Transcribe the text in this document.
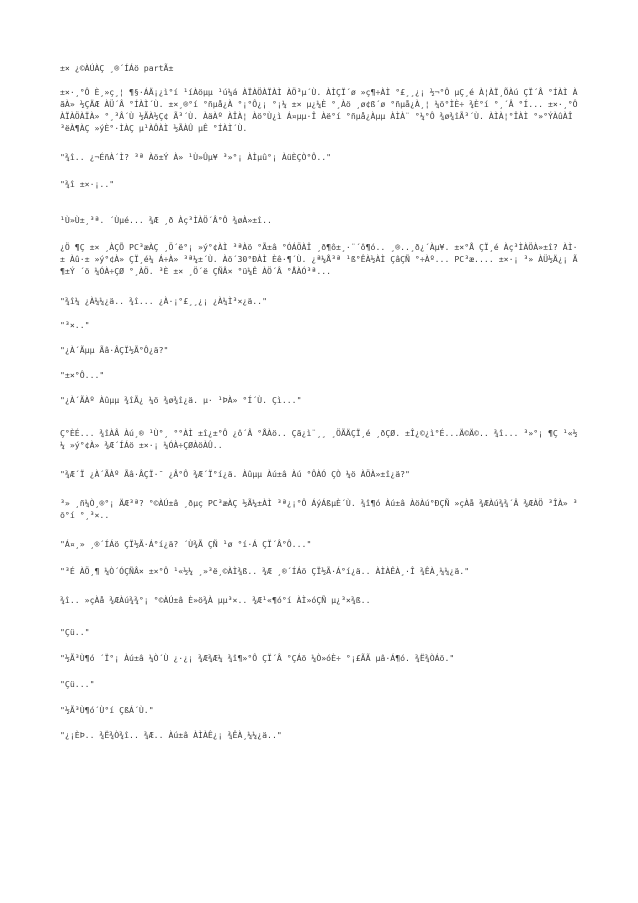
±× ¿©ÀÚÀÇ ¸®´ÍÁö partÃ±

±×·¸°Ô È¸»ç¸¦ ¶§·ÁÄ¡¿ì°í ¹íÀöµµ ¹ú¼á ÀÏÀÖÀÏÀÌ ÀÖ³µ´Ù. ÀÌÇÏ´ø »ç¶÷ÀÌ °£¸¸¿¡ ½¬°Ô µÇ¸é À¦ÀÏ¸ÕÀú ÇÏ´Â °ÍÀÌ ÀãÀ» ½ÇÄÆ ÀÜ´Â °ÍÀÌ´Ù. ±×¸®°í °ñµå¿À °¡°Ô¿¡ °¡¼ ±× µ¿¼È °¸Àö ¸ø¢ß´ø °ñµå¿À¸¦ ¼ö°ÌÈ÷ ¾È°í °¸´Â °Í... ±×·¸°Ô ÀÏÀÖÀÏÀ» °¸³Â´Ù ½ÃÀ½Ç¢ Ã³´Ù. ÀäÀº ÀÎÀ¦ Àö°Ù¿ì Á¤µµ·Î Àë°í °ñµå¿Àµµ ÀÌÀ¨ °¼°Ô ¾ø¾îÃ³´Ù. ÀÌÀ¦°ÎÀÌ °»°ÝÀûÀÎ ³ëÀ¶ÀÇ »ýÈ°·ÌÀÇ µ¹ÀÔÀÌ ½ÃÀÛ µÊ °ÍÀÌ´Ù.

"¾î.. ¿¬ÉñÀ´Ì? ³ª Àö±Ý À» ¹Ù»Ûµ¥ ³»°¡ ÀÌµû°¡ ÀüÈÇÒ°Ô.."

"¾î ±×·¡.."

¹Ù»Ù±¸³ª. ´Ùµé... ¾Æ ¸ð Àç³ÌÀÖ´Â°Ô ¾øÀ»±î..

¿Ö ¶Ç ±× ¸ÀÇÕ PC³æÀÇ ¸Ö´ë°¡ »ý°¢ÀÌ ³ªÀö °Ã±â °ÓÁÖÀÎ ¸ð¶ô±¸·¨´ô¶ó.. ¸®..¸ð¿´Àµ¥. ±×°Å ÇÏ¸é Àç³ÌÀÖÀ»±î? ÀÌ·± Àû·± »ý°¢À» ÇÏ¸é¼ Á÷À» ³ª¼±´Ù. Àö´30°ÐÀÌ Èê·¶´Ù. ¿ª¼Å³ª ¹ß°ÊÀ½ÀÌ ÇâÇÑ °÷Àº... PC³æ.... ±×·¡ ³» ÀÜ½Ä¿¡ Ã¶±Ý ´ö ¼ÓÀ÷ÇØ °¸ÀÖ. ³È ±× ¸Ö´ë ÇÑÂ× °ü¼Ê ÀÖ´Â °ÅÀÓ³ª...

"¾î¼ ¿À¼¼¿ä.. ¾î... ¿À·¡°£¸¸¿¡ ¿À¼Ì³×¿ä.."

"³×.."

"¿À´Ãµµ Ãâ·ÂÇÏ½Ã°Ô¿ä?"

"±×°Ô..."

"¿À´ÃÀº Àûµµ ¾îÃ¿ ¼ö ¾ø¾î¿ä. µ· ¹ÞÀ» °Í´Ù. Çì..."

Ç°ÈÉ... ¾îÀÂ Àú¸® ¹Ù°¸ °°ÀÌ ±î¿±°Ô ¿ô´Â °ÅÀö.. Çã¿ì¨¸¸ ¸ÖÃÄÇÏ¸é ¸ðÇØ. ±Î¿©¿ì°É...Ä©Ä©.. ¾î... ³»°¡ ¶Ç ¹«½¼ »ý°¢À» ¾Æ´ÍÁö ±×·¡ ¼ÓÀ÷ÇØÀöÀÛ..

"¾Æ´Ï ¿À´ÃÀº Ãâ·ÂÇÏ·¯ ¿Â°Ô ¾Æ´Ï°í¿ä. Àûµµ Àú±â Àú °ÔÀÓ ÇÒ ¼ö ÀÖÀ»±î¿ä?"

³» ¸ñ¼Ò¸®°¡ ÄÆ³ª? °©ÀÚ±â ¸ðµç PC³æÀÇ ½Ã¼±ÀÌ ³ª¿¡°Ô ÁýÁßµÈ´Ù. ¾î¶ó Àú±â ÀöÀú°ÐÇÑ »çÀå ¾ÆÀú¾¾´Â ¾ÆÀÖ ³ÎÀ» ³õ°í °¸³×..

"Á¤¸» ¸®´ÍÁö ÇÏ½Ã·Á°í¿ä? ´Ù¾Ã ÇÑ ¹ø °í·Á ÇÏ´Â°Ô..."

"³É ÀÖ¸¶ ¼Ò´ÓÇÑÂ× ±×°Ô ¹«½¼ ¸»³ë¸©ÀÌ¾ß.. ¾Æ ¸®´ÍÁö ÇÏ½Ã·Á°í¿ä.. ÀÌÀÊÀ¸·Î ¾ÊÀ¸¼¼¿ä."

¾î.. »çÀå ¾ÆÀú¾¾°¡ °©ÀÚ±â È»ö¾À µµ³×.. ¾Æ¹«¶ó°í ÀÌ»óÇÑ µ¿³×¾ß..

"Çü.."

"½Ã³Ù¶ó ´Ï°¡ Àú±â ¼Ò´Ù ¿·¿¡ ¾Æ¾Æ¼ ¾î¶»°Ô ÇÏ´Â °ÇÁö ¼Ò»óÈ÷ °¡£ÃÃ µâ·Á¶ó. ¾Ë¾ÒÁö."

"Çü..."

"½Ã³Ù¶ó´Ù°í ÇßÁ´Ù."

"¿¡ÈÞ.. ¾Ë¾Ò¾î.. ¾Æ.. Àú±â ÀÌÀÊ¿¡ ¾ÊÀ¸¼¼¿ä.."
